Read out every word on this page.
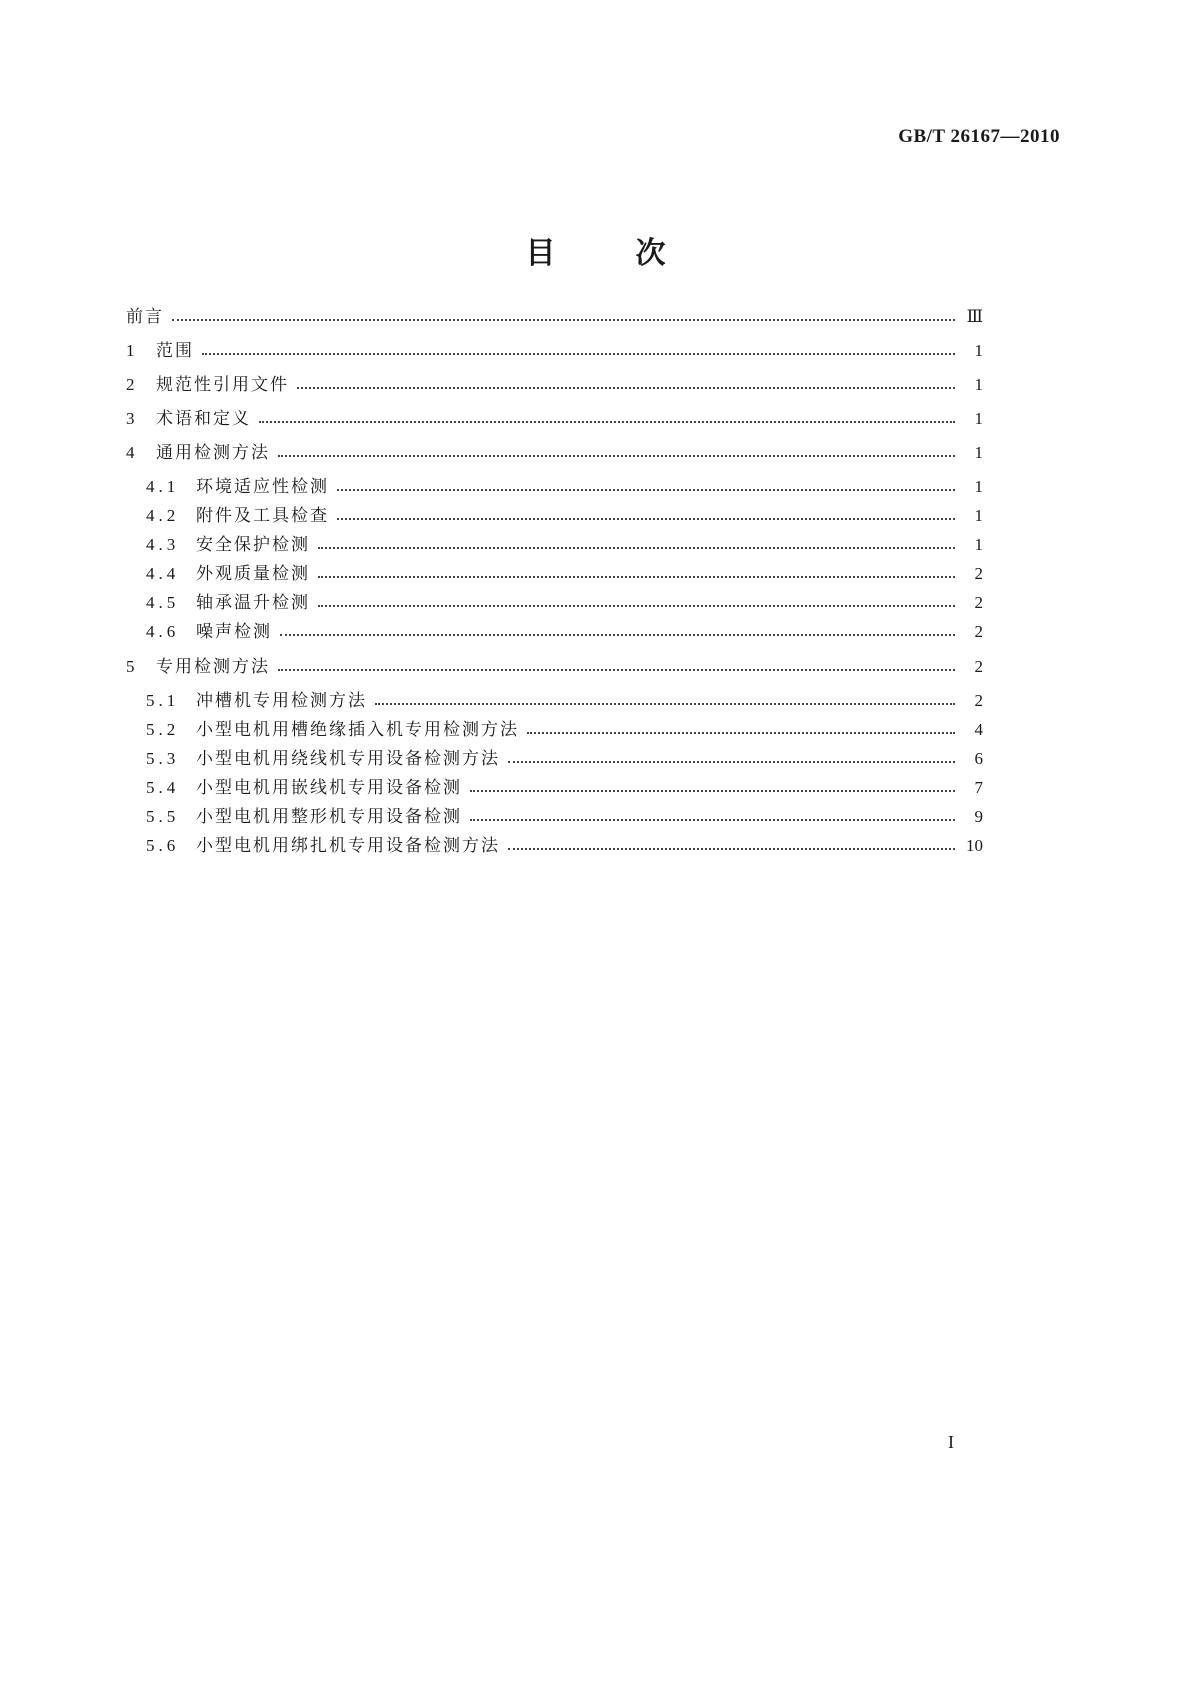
GB/T 26167—2010
目	次
前言	Ⅲ
1	范围	1
2	规范性引用文件	1
3	术语和定义	1
4	通用检测方法	1
4.1 环境适应性检测	1
4.2 附件及工具检查	1
4.3 安全保护检测	1
4.4 外观质量检测	2
4.5 轴承温升检测	2
4.6 噪声检测	2
5	专用检测方法	2
5.1 冲槽机专用检测方法	2
5.2 小型电机用槽绝缘插入机专用检测方法	4
5.3 小型电机用绕线机专用设备检测方法	6
5.4 小型电机用嵌线机专用设备检测	7
5.5 小型电机用整形机专用设备检测	9
5.6 小型电机用绑扎机专用设备检测方法	10
I
